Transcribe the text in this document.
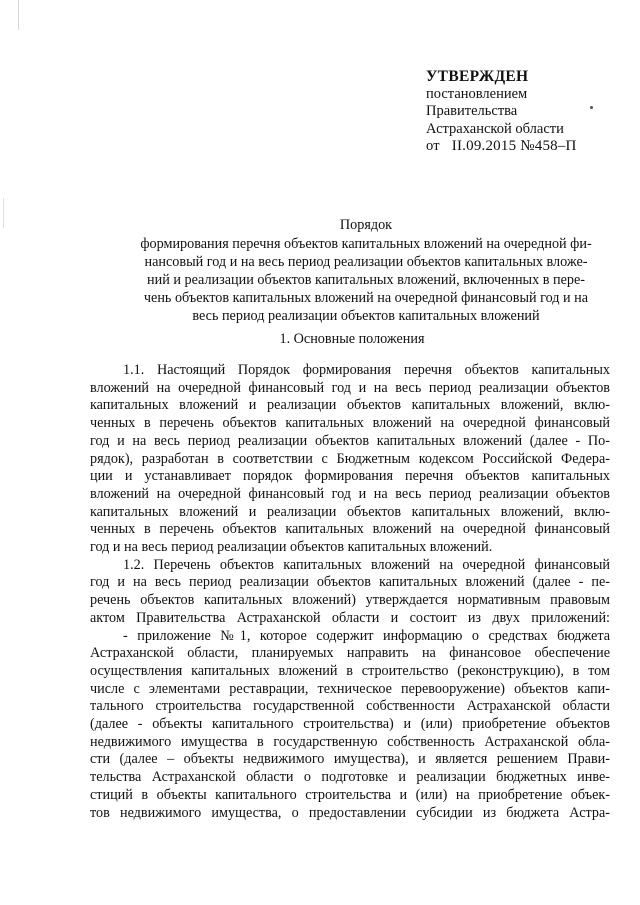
УТВЕРЖДЕН
постановлением
Правительства
Астраханской области
от II.09.2015 №458–П
Порядок
формирования перечня объектов капитальных вложений на очередной фи-
нансовый год и на весь период реализации объектов капитальных вложе-
ний и реализации объектов капитальных вложений, включенных в пере-
чень объектов капитальных вложений на очередной финансовый год и на
весь период реализации объектов капитальных вложений
1. Основные положения
1.1. Настоящий Порядок формирования перечня объектов капитальных
вложений на очередной финансовый год и на весь период реализации объектов
капитальных вложений и реализации объектов капитальных вложений, вклю-
ченных в перечень объектов капитальных вложений на очередной финансовый
год и на весь период реализации объектов капитальных вложений (далее - По-
рядок), разработан в соответствии с Бюджетным кодексом Российской Федера-
ции и устанавливает порядок формирования перечня объектов капитальных
вложений на очередной финансовый год и на весь период реализации объектов
капитальных вложений и реализации объектов капитальных вложений, вклю-
ченных в перечень объектов капитальных вложений на очередной финансовый
год и на весь период реализации объектов капитальных вложений.
1.2. Перечень объектов капитальных вложений на очередной финансовый
год и на весь период реализации объектов капитальных вложений (далее - пе-
речень объектов капитальных вложений) утверждается нормативным правовым
актом Правительства Астраханской области и состоит из двух приложений:
- приложение №1, которое содержит информацию о средствах бюджета
Астраханской области, планируемых направить на финансовое обеспечение
осуществления капитальных вложений в строительство (реконструкцию), в том
числе с элементами реставрации, техническое перевооружение) объектов капи-
тального строительства государственной собственности Астраханской области
(далее - объекты капитального строительства) и (или) приобретение объектов
недвижимого имущества в государственную собственность Астраханской обла-
сти (далее – объекты недвижимого имущества), и является решением Прави-
тельства Астраханской области о подготовке и реализации бюджетных инве-
стиций в объекты капитального строительства и (или) на приобретение объек-
тов недвижимого имущества, о предоставлении субсидии из бюджета Астра-
